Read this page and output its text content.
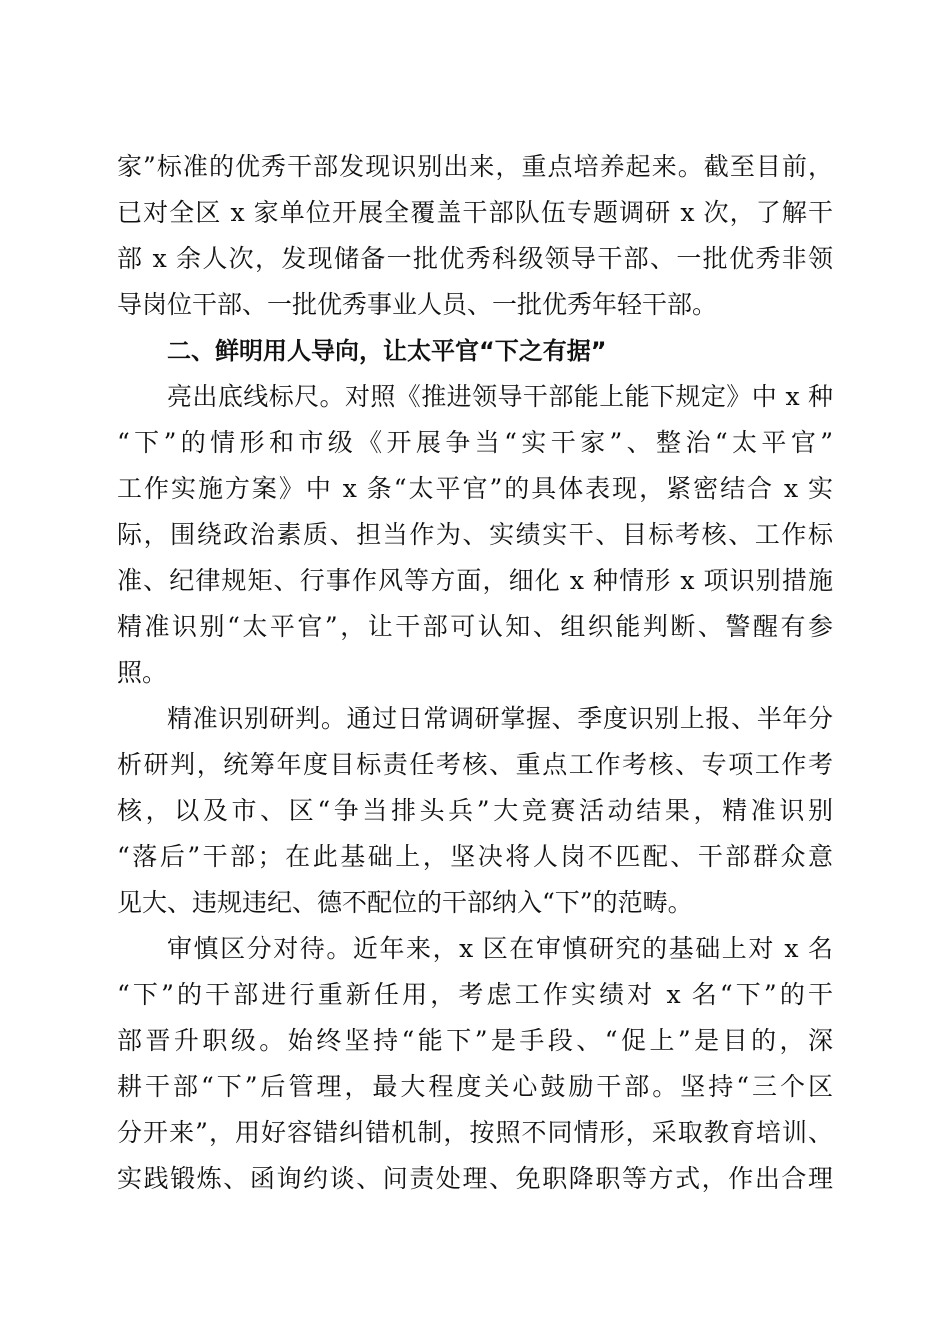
家”标准的优秀干部发现识别出来，重点培养起来。截至目前，
已对全区 x 家单位开展全覆盖干部队伍专题调研 x 次，了解干
部 x 余人次，发现储备一批优秀科级领导干部、一批优秀非领
导岗位干部、一批优秀事业人员、一批优秀年轻干部。
二、鲜明用人导向，让太平官“下之有据”
亮出底线标尺。对照《推进领导干部能上能下规定》中 x 种
“下”的情形和市级《开展争当“实干家”、整治“太平官”
工作实施方案》中 x 条“太平官”的具体表现，紧密结合 x 实
际，围绕政治素质、担当作为、实绩实干、目标考核、工作标
准、纪律规矩、行事作风等方面，细化 x 种情形 x 项识别措施
精准识别“太平官”，让干部可认知、组织能判断、警醒有参
照。
精准识别研判。通过日常调研掌握、季度识别上报、半年分
析研判，统筹年度目标责任考核、重点工作考核、专项工作考
核，以及市、区“争当排头兵”大竞赛活动结果，精准识别
“落后”干部；在此基础上，坚决将人岗不匹配、干部群众意
见大、违规违纪、德不配位的干部纳入“下”的范畴。
审慎区分对待。近年来，x 区在审慎研究的基础上对 x 名
“下”的干部进行重新任用，考虑工作实绩对 x 名“下”的干
部晋升职级。始终坚持“能下”是手段、“促上”是目的，深
耕干部“下”后管理，最大程度关心鼓励干部。坚持“三个区
分开来”，用好容错纠错机制，按照不同情形，采取教育培训、
实践锻炼、函询约谈、问责处理、免职降职等方式，作出合理
